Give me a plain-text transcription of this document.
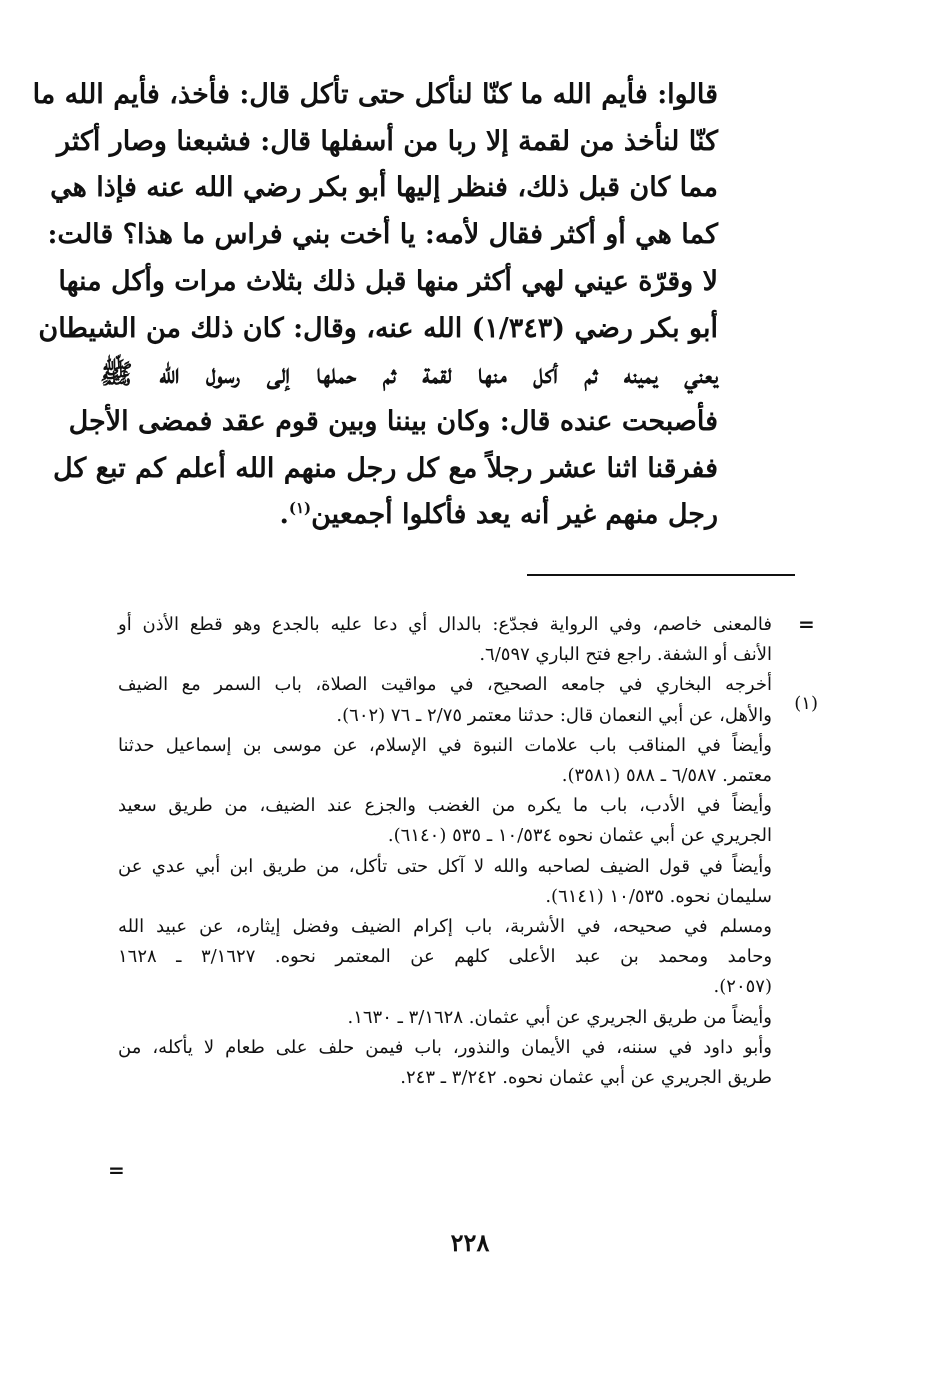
قالوا: فأيم الله ما كنّا لنأكل حتى تأكل قال: فأخذ، فأيم الله ما
كنّا لنأخذ من لقمة إلا ربا من أسفلها قال: فشبعنا وصار أكثر
مما كان قبل ذلك، فنظر إليها أبو بكر رضي الله عنه فإذا هي
كما هي أو أكثر فقال لأمه: يا أخت بني فراس ما هذا؟ قالت:
لا وقرّة عيني لهي أكثر منها قبل ذلك بثلاث مرات وأكل منها
أبو بكر رضي (١/٣٤٣) الله عنه، وقال: كان ذلك من الشيطان
يعني يمينه ثم أكل منها لقمة ثم حملها إلى رسول الله ﷺ
فأصبحت عنده قال: وكان بيننا وبين قوم عقد فمضى الأجل
ففرقنا اثنا عشر رجلاً مع كل رجل منهم الله أعلم كم تبع كل
رجل منهم غير أنه يعد فأكلوا أجمعين$^{(١)}$.
=
(١)
فالمعنى خاصم، وفي الرواية فجدّع: بالدال أي دعا عليه بالجدع وهو قطع الأذن أو
الأنف أو الشفة. راجع فتح الباري ٦/٥٩٧.
أخرجه البخاري في جامعه الصحيح، في مواقيت الصلاة، باب السمر مع الضيف
والأهل، عن أبي النعمان قال: حدثنا معتمر ٢/٧٥ ـ ٧٦ (٦٠٢).
وأيضاً في المناقب باب علامات النبوة في الإسلام، عن موسى بن إسماعيل حدثنا
معتمر. ٦/٥٨٧ ـ ٥٨٨ (٣٥٨١).
وأيضاً في الأدب، باب ما يكره من الغضب والجزع عند الضيف، من طريق سعيد
الجريري عن أبي عثمان نحوه ١٠/٥٣٤ ـ ٥٣٥ (٦١٤٠).
وأيضاً في قول الضيف لصاحبه والله لا آكل حتى تأكل، من طريق ابن أبي عدي عن
سليمان نحوه. ١٠/٥٣٥ (٦١٤١).
ومسلم في صحيحه، في الأشربة، باب إكرام الضيف وفضل إيثاره، عن عبيد الله
وحامد ومحمد بن عبد الأعلى كلهم عن المعتمر نحوه. ٣/١٦٢٧ ـ ١٦٢٨
(٢٠٥٧).
وأيضاً من طريق الجريري عن أبي عثمان. ٣/١٦٢٨ ـ ١٦٣٠.
وأبو داود في سننه، في الأيمان والنذور، باب فيمن حلف على طعام لا يأكله، من
طريق الجريري عن أبي عثمان نحوه. ٣/٢٤٢ ـ ٢٤٣.
=
٢٢٨
